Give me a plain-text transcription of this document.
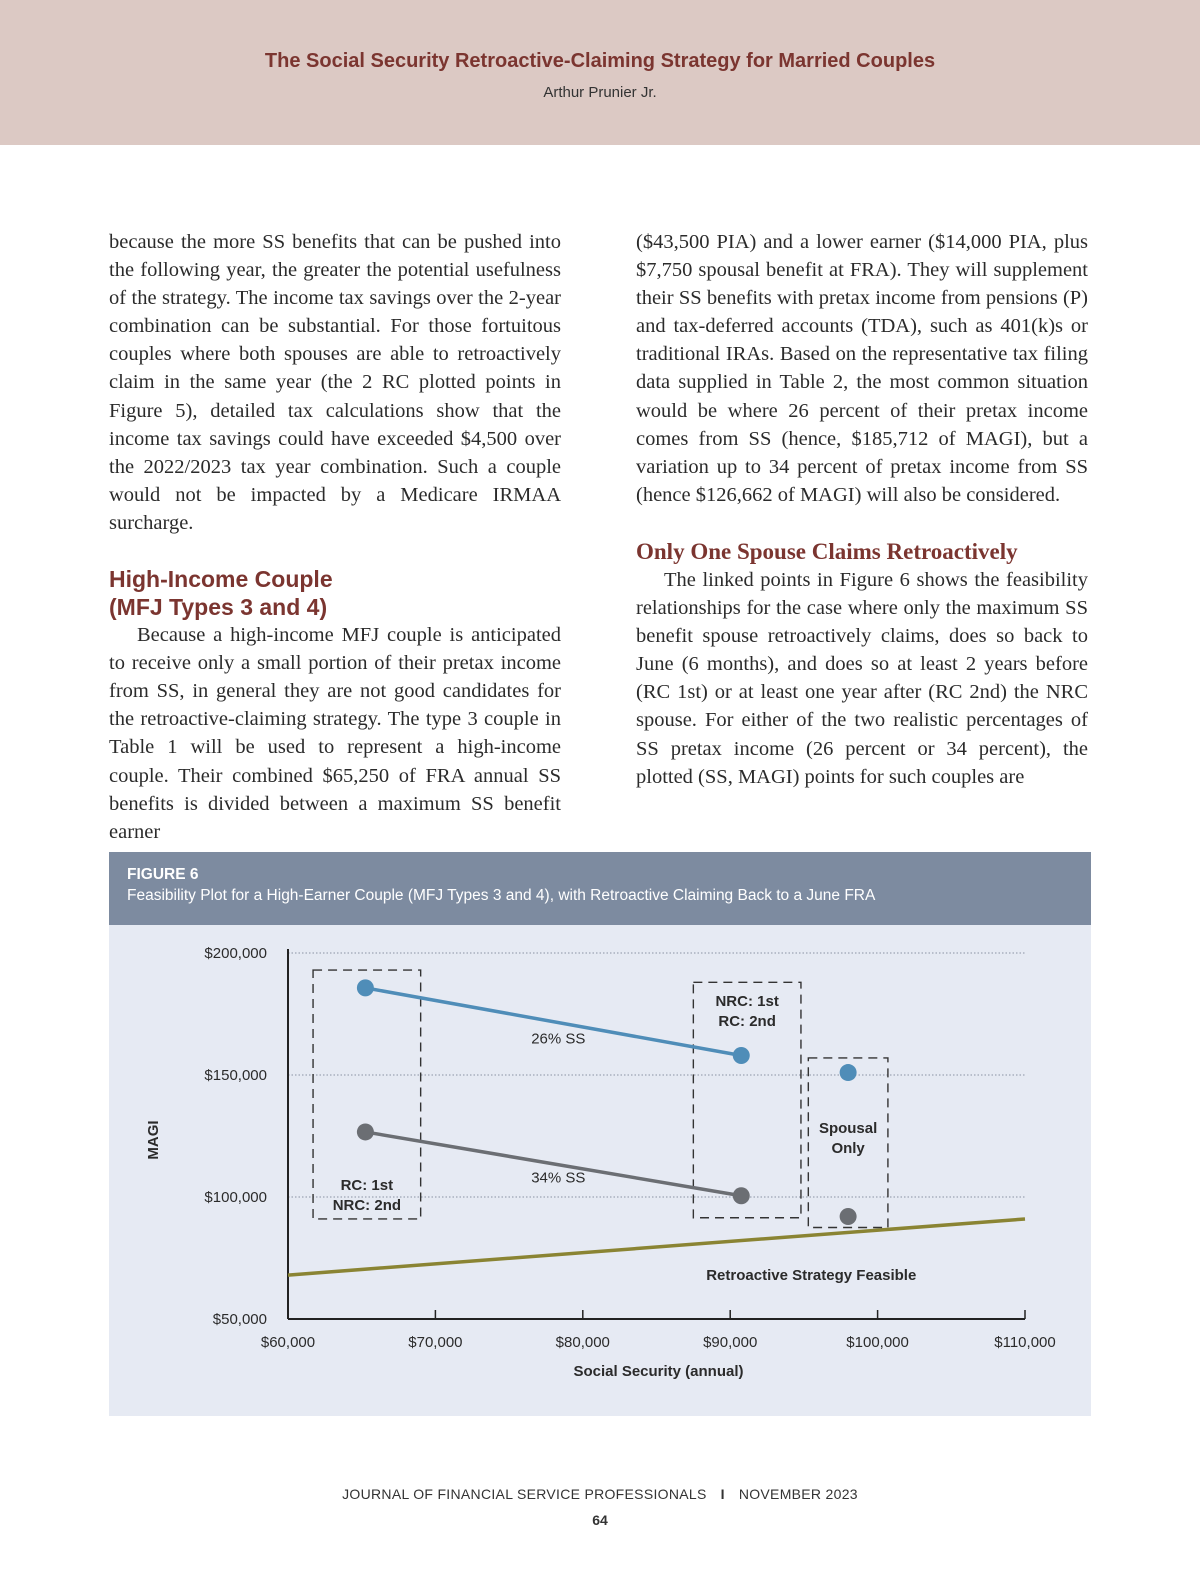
The Social Security Retroactive-Claiming Strategy for Married Couples
Arthur Prunier Jr.

because the more SS benefits that can be pushed into the following year, the greater the potential usefulness of the strategy. The income tax savings over the 2-year combination can be substantial. For those fortuitous couples where both spouses are able to retroactively claim in the same year (the 2 RC plotted points in Figure 5), detailed tax calculations show that the income tax savings could have exceeded $4,500 over the 2022/2023 tax year combination. Such a couple would not be impacted by a Medicare IRMAA surcharge.

High-Income Couple
(MFJ Types 3 and 4)

Because a high-income MFJ couple is anticipated to receive only a small portion of their pretax income from SS, in general they are not good candidates for the retroactive-claiming strategy. The type 3 couple in Table 1 will be used to represent a high-income couple. Their combined $65,250 of FRA annual SS benefits is divided between a maximum SS benefit earner

($43,500 PIA) and a lower earner ($14,000 PIA, plus $7,750 spousal benefit at FRA). They will supplement their SS benefits with pretax income from pensions (P) and tax-deferred accounts (TDA), such as 401(k)s or traditional IRAs. Based on the representative tax filing data supplied in Table 2, the most common situation would be where 26 percent of their pretax income comes from SS (hence, $185,712 of MAGI), but a variation up to 34 percent of pretax income from SS (hence $126,662 of MAGI) will also be considered.

Only One Spouse Claims Retroactively

The linked points in Figure 6 shows the feasibility relationships for the case where only the maximum SS benefit spouse retroactively claims, does so back to June (6 months), and does so at least 2 years before (RC 1st) or at least one year after (RC 2nd) the NRC spouse. For either of the two realistic percentages of SS pretax income (26 percent or 34 percent), the plotted (SS, MAGI) points for such couples are

FIGURE 6
Feasibility Plot for a High-Earner Couple (MFJ Types 3 and 4), with Retroactive Claiming Back to a June FRA
$60,000	$70,000	$80,000	$90,000	$100,000	$110,000
$50,000
$100,000
$150,000
$200,000
Social Security (annual)
MAGI
RC: 1st
NRC: 2nd
NRC: 1st
RC: 2nd
Spousal
Only
26% SS
34% SS
Retroactive Strategy Feasible
JOURNAL OF FINANCIAL SERVICE PROFESSIONALS I NOVEMBER 2023
64
